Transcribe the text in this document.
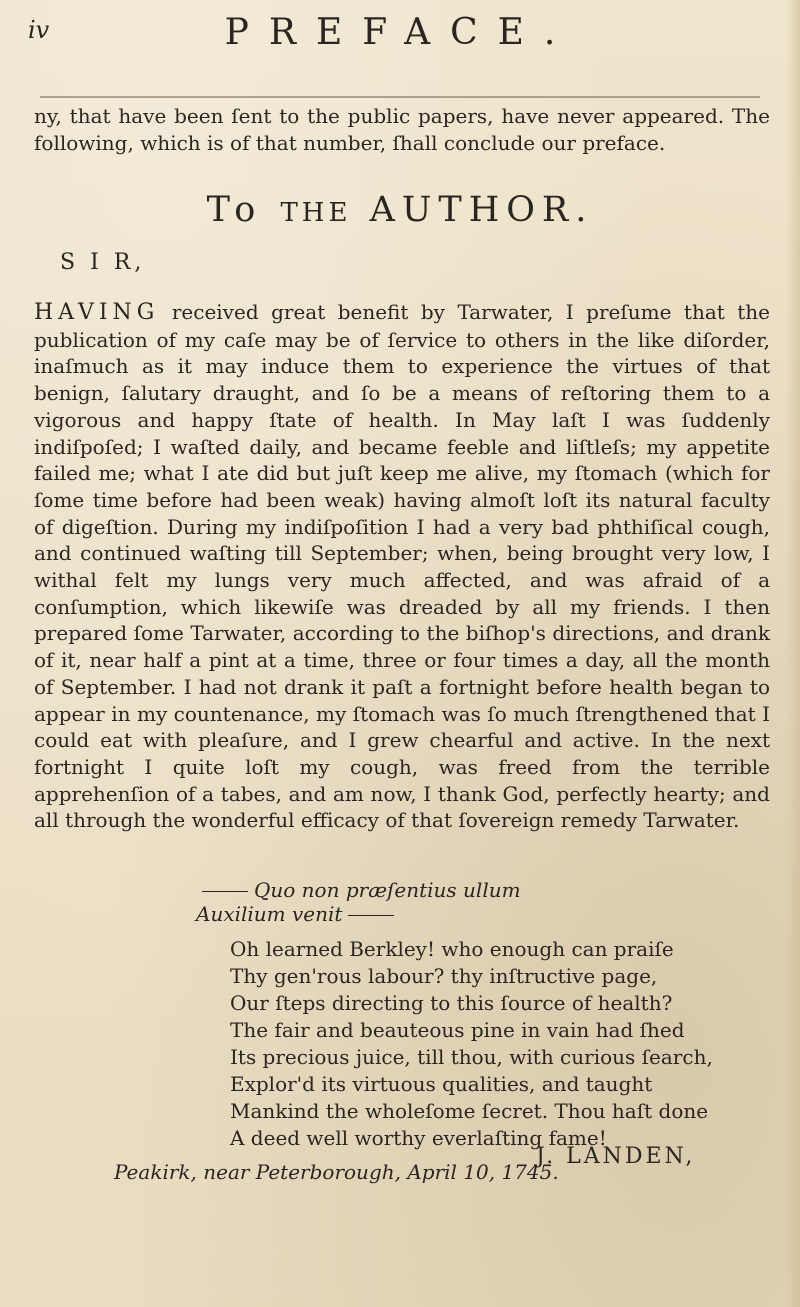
iv	PREFACE.
ny, that have been ſent to the public papers, have never appeared. The following, which is of that number, ſhall conclude our preface.
To THE AUTHOR.
S I R,
HAVING received great benefit by Tarwater, I preſume that the publication of my caſe may be of ſervice to others in the like diſorder, inaſmuch as it may induce them to experience the virtues of that benign, ſalutary draught, and ſo be a means of reſtoring them to a vigorous and happy ſtate of health. In May laſt I was ſuddenly indiſpoſed; I waſted daily, and became feeble and liſtleſs; my appetite failed me; what I ate did but juſt keep me alive, my ſtomach (which for ſome time before had been weak) having almoſt loſt its natural faculty of digeſtion. During my indiſpoſition I had a very bad phthiſical cough, and continued waſting till September; when, being brought very low, I withal felt my lungs very much affected, and was afraid of a conſumption, which likewiſe was dreaded by all my friends. I then prepared ſome Tarwater, according to the biſhop's directions, and drank of it, near half a pint at a time, three or four times a day, all the month of September. I had not drank it paſt a fortnight before health began to appear in my countenance, my ſtomach was ſo much ſtrengthened that I could eat with pleaſure, and I grew chearful and active. In the next fortnight I quite loſt my cough, was freed from the terrible apprehenſion of a tabes, and am now, I thank God, perfectly hearty; and all through the wonderful efficacy of that ſovereign remedy Tarwater.
Quo non præſentius ullum
Auxilium venit
Oh learned Berkley! who enough can praiſe
Thy gen'rous labour? thy inſtructive page,
Our ſteps directing to this ſource of health?
The fair and beauteous pine in vain had ſhed
Its precious juice, till thou, with curious ſearch,
Explor'd its virtuous qualities, and taught
Mankind the wholeſome ſecret. Thou haſt done
A deed well worthy everlaſting fame!
J. LANDEN,
Peakirk, near Peterborough, April 10, 1745.
